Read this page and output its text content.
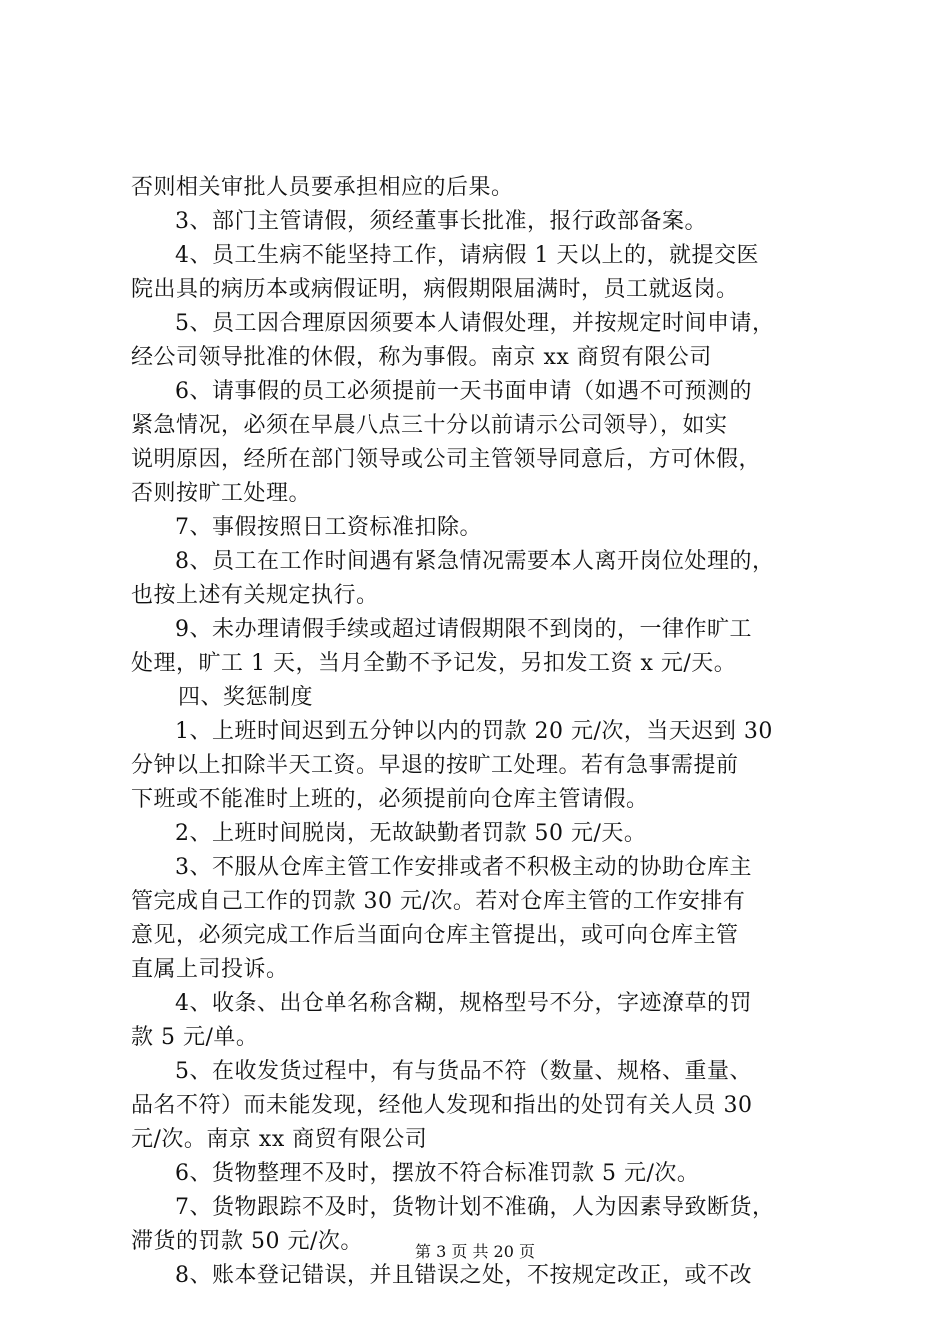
否则相关审批人员要承担相应的后果。
3、部门主管请假，须经董事长批准，报行政部备案。
4、员工生病不能坚持工作，请病假 1 天以上的，就提交医
院出具的病历本或病假证明，病假期限届满时，员工就返岗。
5、员工因合理原因须要本人请假处理，并按规定时间申请，
经公司领导批准的休假，称为事假。南京 xx 商贸有限公司
6、请事假的员工必须提前一天书面申请（如遇不可预测的
紧急情况，必须在早晨八点三十分以前请示公司领导），如实
说明原因，经所在部门领导或公司主管领导同意后，方可休假，
否则按旷工处理。
7、事假按照日工资标准扣除。
8、员工在工作时间遇有紧急情况需要本人离开岗位处理的，
也按上述有关规定执行。
9、未办理请假手续或超过请假期限不到岗的，一律作旷工
处理，旷工 1 天，当月全勤不予记发，另扣发工资 x 元/天。
四、奖惩制度
1、上班时间迟到五分钟以内的罚款 20 元/次，当天迟到 30
分钟以上扣除半天工资。早退的按旷工处理。若有急事需提前
下班或不能准时上班的，必须提前向仓库主管请假。
2、上班时间脱岗，无故缺勤者罚款 50 元/天。
3、不服从仓库主管工作安排或者不积极主动的协助仓库主
管完成自己工作的罚款 30 元/次。若对仓库主管的工作安排有
意见，必须完成工作后当面向仓库主管提出，或可向仓库主管
直属上司投诉。
4、收条、出仓单名称含糊，规格型号不分，字迹潦草的罚
款 5 元/单。
5、在收发货过程中，有与货品不符（数量、规格、重量、
品名不符）而未能发现，经他人发现和指出的处罚有关人员 30
元/次。南京 xx 商贸有限公司
6、货物整理不及时，摆放不符合标准罚款 5 元/次。
7、货物跟踪不及时，货物计划不准确，人为因素导致断货，
滞货的罚款 50 元/次。
8、账本登记错误，并且错误之处，不按规定改正，或不改
第 3 页 共 20 页
